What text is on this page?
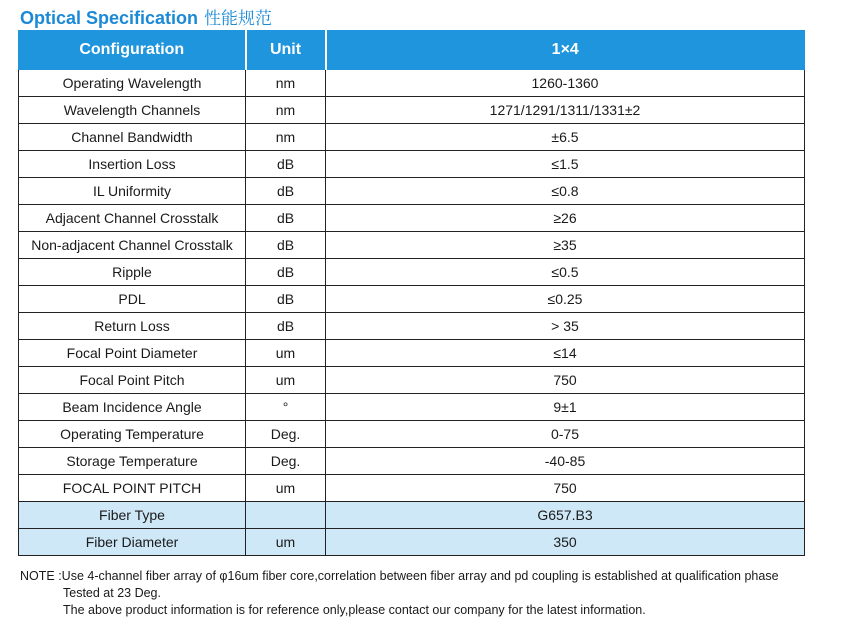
Optical Specification 性能规范
Configuration	Unit	1×4
Operating Wavelength	nm	1260-1360
Wavelength Channels	nm	1271/1291/1311/1331±2
Channel Bandwidth	nm	±6.5
Insertion Loss	dB	≤1.5
IL Uniformity	dB	≤0.8
Adjacent Channel Crosstalk	dB	≥26
Non-adjacent Channel Crosstalk	dB	≥35
Ripple	dB	≤0.5
PDL	dB	≤0.25
Return Loss	dB	> 35
Focal Point Diameter	um	≤14
Focal Point Pitch	um	750
Beam Incidence Angle	°	9±1
Operating Temperature	Deg.	0-75
Storage Temperature	Deg.	-40-85
FOCAL POINT PITCH	um	750
Fiber Type		G657.B3
Fiber Diameter	um	350
NOTE :Use 4-channel fiber array of φ16um fiber core,correlation between fiber array and pd coupling is established at qualification phase
Tested at 23 Deg.
The above product information is for reference only,please contact our company for the latest information.
